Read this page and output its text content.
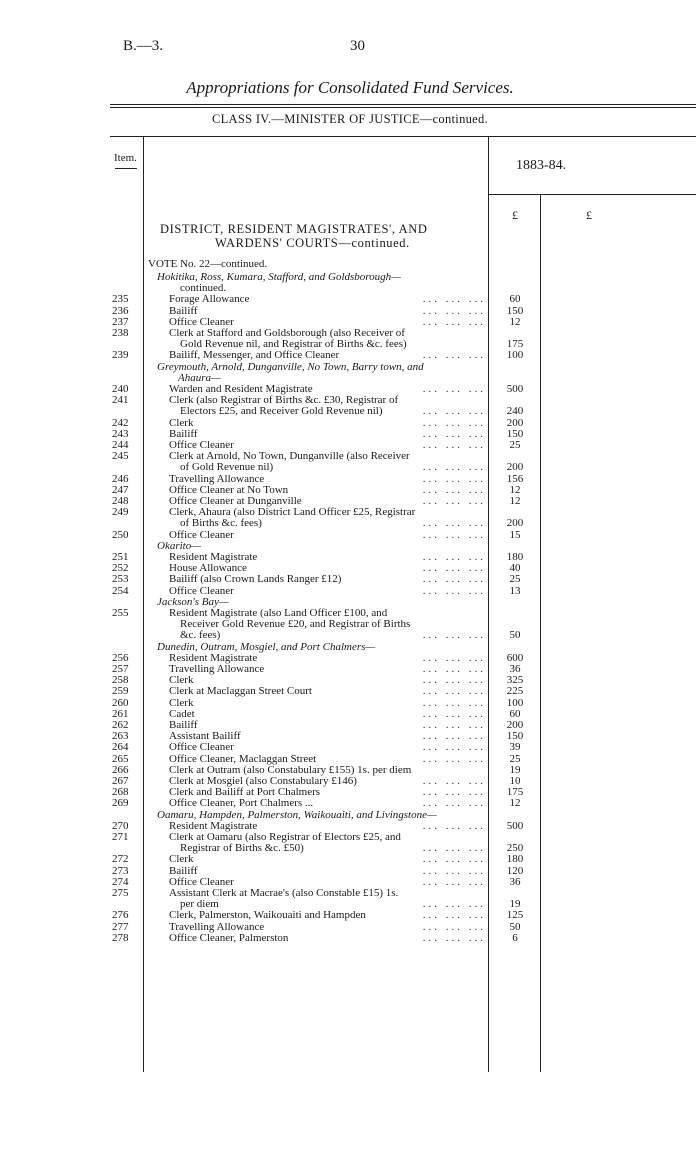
B.—3.	30
Appropriations for Consolidated Fund Services.
CLASS IV.—MINISTER OF JUSTICE—continued.
Item.	1883-84.
£	£
DISTRICT, RESIDENT MAGISTRATES', AND
WARDENS' COURTS—continued.
VOTE No. 22—continued.
Hokitika, Ross, Kumara, Stafford, and Goldsborough—
continued.
235	Forage Allowance	... ... ...	60
236	Bailiff	... ... ...	150
237	Office Cleaner	... ... ...	12
238	Clerk at Stafford and Goldsborough (also Receiver of
Gold Revenue nil, and Registrar of Births &c. fees)	175
239	Bailiff, Messenger, and Office Cleaner	... ... ...	100
Greymouth, Arnold, Dunganville, No Town, Barry town, and
Ahaura—
240	Warden and Resident Magistrate	... ... ...	500
241	Clerk (also Registrar of Births &c. £30, Registrar of
Electors £25, and Receiver Gold Revenue nil)	... ... ...	240
242	Clerk	... ... ...	200
243	Bailiff	... ... ...	150
244	Office Cleaner	... ... ...	25
245	Clerk at Arnold, No Town, Dunganville (also Receiver
of Gold Revenue nil)	... ... ...	200
246	Travelling Allowance	... ... ...	156
247	Office Cleaner at No Town	... ... ...	12
248	Office Cleaner at Dunganville	... ... ...	12
249	Clerk, Ahaura (also District Land Officer £25, Registrar
of Births &c. fees)	... ... ...	200
250	Office Cleaner	... ... ...	15
Okarito—
251	Resident Magistrate	... ... ...	180
252	House Allowance	... ... ...	40
253	Bailiff (also Crown Lands Ranger £12)	... ... ...	25
254	Office Cleaner	... ... ...	13
Jackson's Bay—
255	Resident Magistrate (also Land Officer £100, and
Receiver Gold Revenue £20, and Registrar of Births
&c. fees)	... ... ...	50
Dunedin, Outram, Mosgiel, and Port Chalmers—
256	Resident Magistrate	... ... ...	600
257	Travelling Allowance	... ... ...	36
258	Clerk	... ... ...	325
259	Clerk at Maclaggan Street Court	... ... ...	225
260	Clerk	... ... ...	100
261	Cadet	... ... ...	60
262	Bailiff	... ... ...	200
263	Assistant Bailiff	... ... ...	150
264	Office Cleaner	... ... ...	39
265	Office Cleaner, Maclaggan Street	... ... ...	25
266	Clerk at Outram (also Constabulary £155) 1s. per diem	19
267	Clerk at Mosgiel (also Constabulary £146)	... ... ...	10
268	Clerk and Bailiff at Port Chalmers	... ... ...	175
269	Office Cleaner, Port Chalmers ...	... ... ...	12
Oamaru, Hampden, Palmerston, Waikouaiti, and Livingstone—
270	Resident Magistrate	... ... ...	500
271	Clerk at Oamaru (also Registrar of Electors £25, and
Registrar of Births &c. £50)	... ... ...	250
272	Clerk	... ... ...	180
273	Bailiff	... ... ...	120
274	Office Cleaner	... ... ...	36
275	Assistant Clerk at Macrae's (also Constable £15) 1s.
per diem	... ... ...	19
276	Clerk, Palmerston, Waikouaiti and Hampden	... ... ...	125
277	Travelling Allowance	... ... ...	50
278	Office Cleaner, Palmerston	... ... ...	6
